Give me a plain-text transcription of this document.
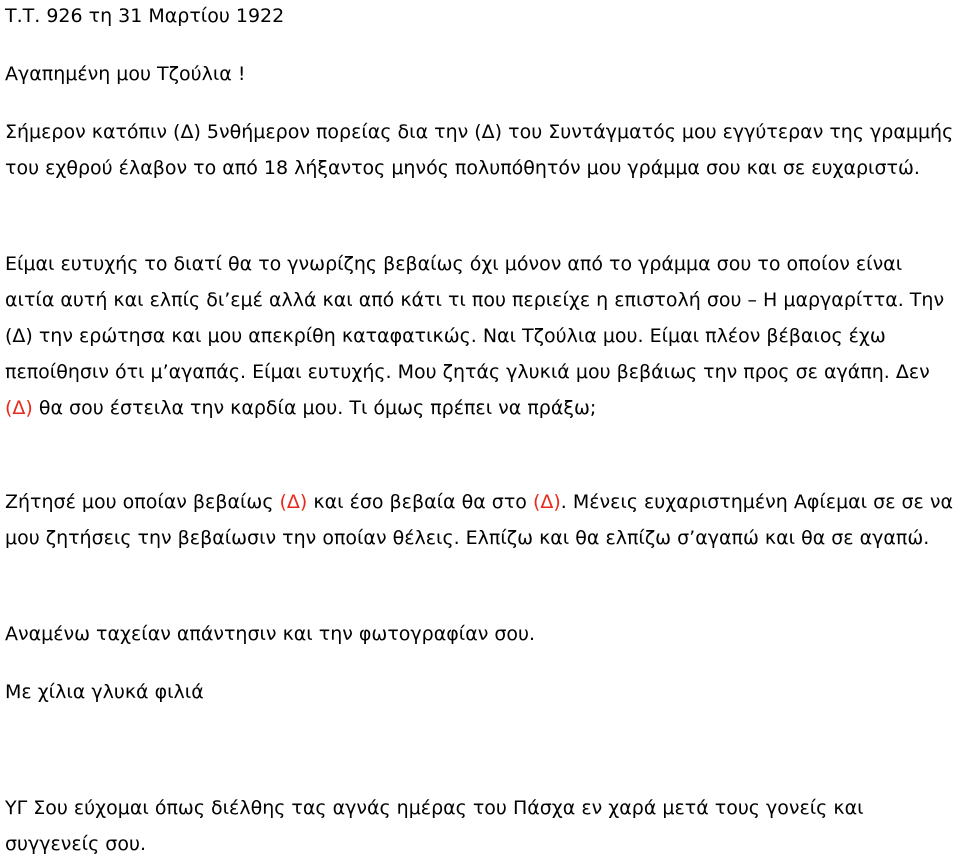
Τ.Τ. 926 τη 31 Μαρτίου 1922

Αγαπημένη μου Τζούλια !

Σήμερον κατόπιν (Δ) 5νθήμερον πορείας δια την (Δ) του Συντάγματός μου εγγύτεραν της γραμμής του εχθρού έλαβον το από 18 λήξαντος μηνός πολυπόθητόν μου γράμμα σου και σε ευχαριστώ.

Είμαι ευτυχής το διατί θα το γνωρίζης βεβαίως όχι μόνον από το γράμμα σου το οποίον είναι αιτία αυτή και ελπίς δι’εμέ αλλά και από κάτι τι που περιείχε η επιστολή σου – Η μαργαρίττα. Την (Δ) την ερώτησα και μου απεκρίθη καταφατικώς. Ναι Τζούλια μου. Είμαι πλέον βέβαιος έχω πεποίθησιν ότι μ’αγαπάς. Είμαι ευτυχής. Μου ζητάς γλυκιά μου βεβάιως την προς σε αγάπη. Δεν (Δ) θα σου έστειλα την καρδία μου. Τι όμως πρέπει να πράξω;

Ζήτησέ μου οποίαν βεβαίως (Δ) και έσο βεβαία θα στο (Δ). Μένεις ευχαριστημένη Αφίεμαι σε σε να μου ζητήσεις την βεβαίωσιν την οποίαν θέλεις. Ελπίζω και θα ελπίζω σ’αγαπώ και θα σε αγαπώ.

Αναμένω ταχείαν απάντησιν και την φωτογραφίαν σου.

Με χίλια γλυκά φιλιά

ΥΓ Σου εύχομαι όπως διέλθης τας αγνάς ημέρας του Πάσχα εν χαρά μετά τους γονείς και συγγενείς σου.
